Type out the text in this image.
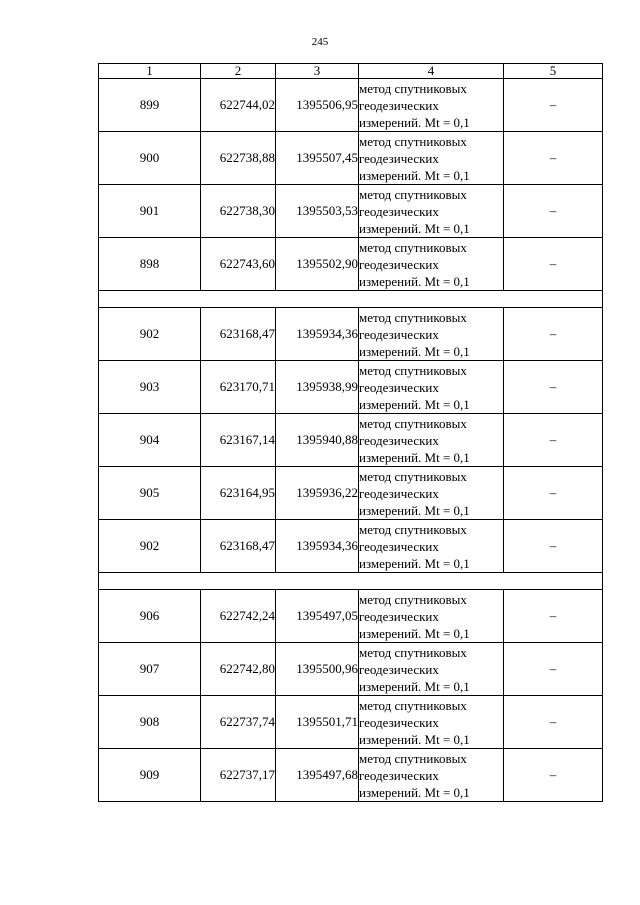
245
1	2	3	4	5
899	622744,02	1395506,95	метод спутниковых
геодезических
измерений. Mt = 0,1	–
900	622738,88	1395507,45	метод спутниковых
геодезических
измерений. Mt = 0,1	–
901	622738,30	1395503,53	метод спутниковых
геодезических
измерений. Mt = 0,1	–
898	622743,60	1395502,90	метод спутниковых
геодезических
измерений. Mt = 0,1	–

902	623168,47	1395934,36	метод спутниковых
геодезических
измерений. Mt = 0,1	–
903	623170,71	1395938,99	метод спутниковых
геодезических
измерений. Mt = 0,1	–
904	623167,14	1395940,88	метод спутниковых
геодезических
измерений. Mt = 0,1	–
905	623164,95	1395936,22	метод спутниковых
геодезических
измерений. Mt = 0,1	–
902	623168,47	1395934,36	метод спутниковых
геодезических
измерений. Mt = 0,1	–

906	622742,24	1395497,05	метод спутниковых
геодезических
измерений. Mt = 0,1	–
907	622742,80	1395500,96	метод спутниковых
геодезических
измерений. Mt = 0,1	–
908	622737,74	1395501,71	метод спутниковых
геодезических
измерений. Mt = 0,1	–
909	622737,17	1395497,68	метод спутниковых
геодезических
измерений. Mt = 0,1	–
